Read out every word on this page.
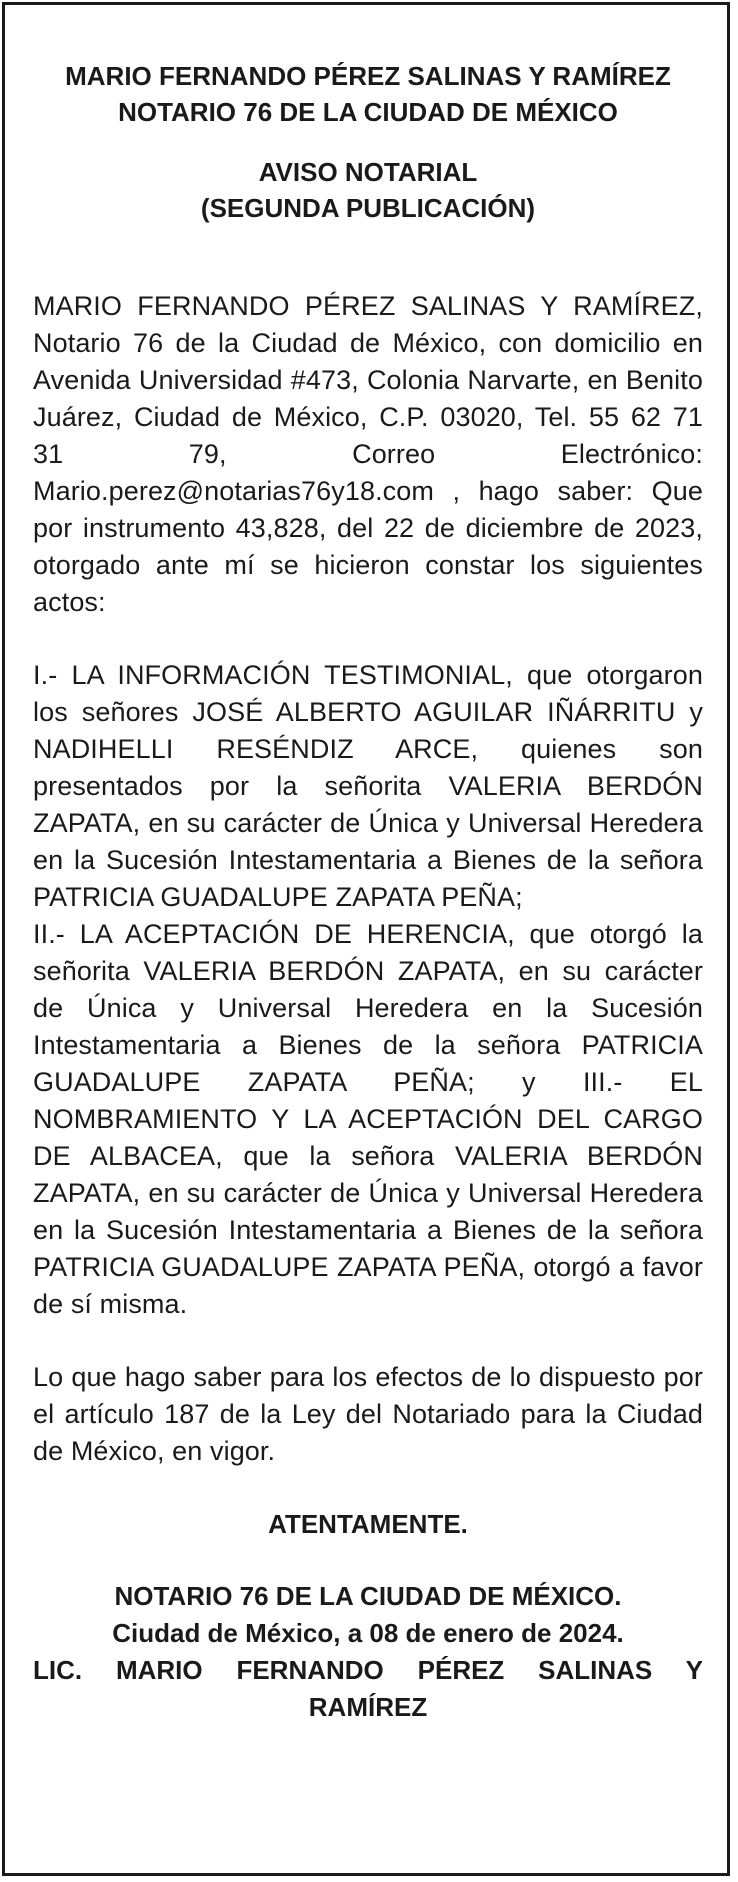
MARIO FERNANDO PÉREZ SALINAS Y RAMÍREZ

NOTARIO 76 DE LA CIUDAD DE MÉXICO

AVISO NOTARIAL

(SEGUNDA PUBLICACIÓN)

MARIO FERNANDO PÉREZ SALINAS Y RAMÍREZ, Notario 76 de la Ciudad de México, con domicilio en Avenida Universidad #473, Colonia Narvarte, en Benito Juárez, Ciudad de México, C.P. 03020, Tel. 55 62 71 31 79, Correo Electrónico: Mario.perez@notarias76y18.com , hago saber: Que por instrumento 43,828, del 22 de diciembre de 2023, otorgado ante mí se hicieron constar los siguientes actos:

I.- LA INFORMACIÓN TESTIMONIAL, que otorgaron los señores JOSÉ ALBERTO AGUILAR IÑÁRRITU y NADIHELLI RESÉNDIZ ARCE, quienes son presentados por la señorita VALERIA BERDÓN ZAPATA, en su carácter de Única y Universal Heredera en la Sucesión Intestamentaria a Bienes de la señora PATRICIA GUADALUPE ZAPATA PEÑA;

II.- LA ACEPTACIÓN DE HERENCIA, que otorgó la señorita VALERIA BERDÓN ZAPATA, en su carácter de Única y Universal Heredera en la Sucesión Intestamentaria a Bienes de la señora PATRICIA GUADALUPE ZAPATA PEÑA; y III.- EL NOMBRAMIENTO Y LA ACEPTACIÓN DEL CARGO DE ALBACEA, que la señora VALERIA BERDÓN ZAPATA, en su carácter de Única y Universal Heredera en la Sucesión Intestamentaria a Bienes de la señora PATRICIA GUADALUPE ZAPATA PEÑA, otorgó a favor de sí misma.

Lo que hago saber para los efectos de lo dispuesto por el artículo 187 de la Ley del Notariado para la Ciudad de México, en vigor.

ATENTAMENTE.

NOTARIO 76 DE LA CIUDAD DE MÉXICO.

Ciudad de México, a 08 de enero de 2024.

LIC. MARIO FERNANDO PÉREZ SALINAS Y

RAMÍREZ
